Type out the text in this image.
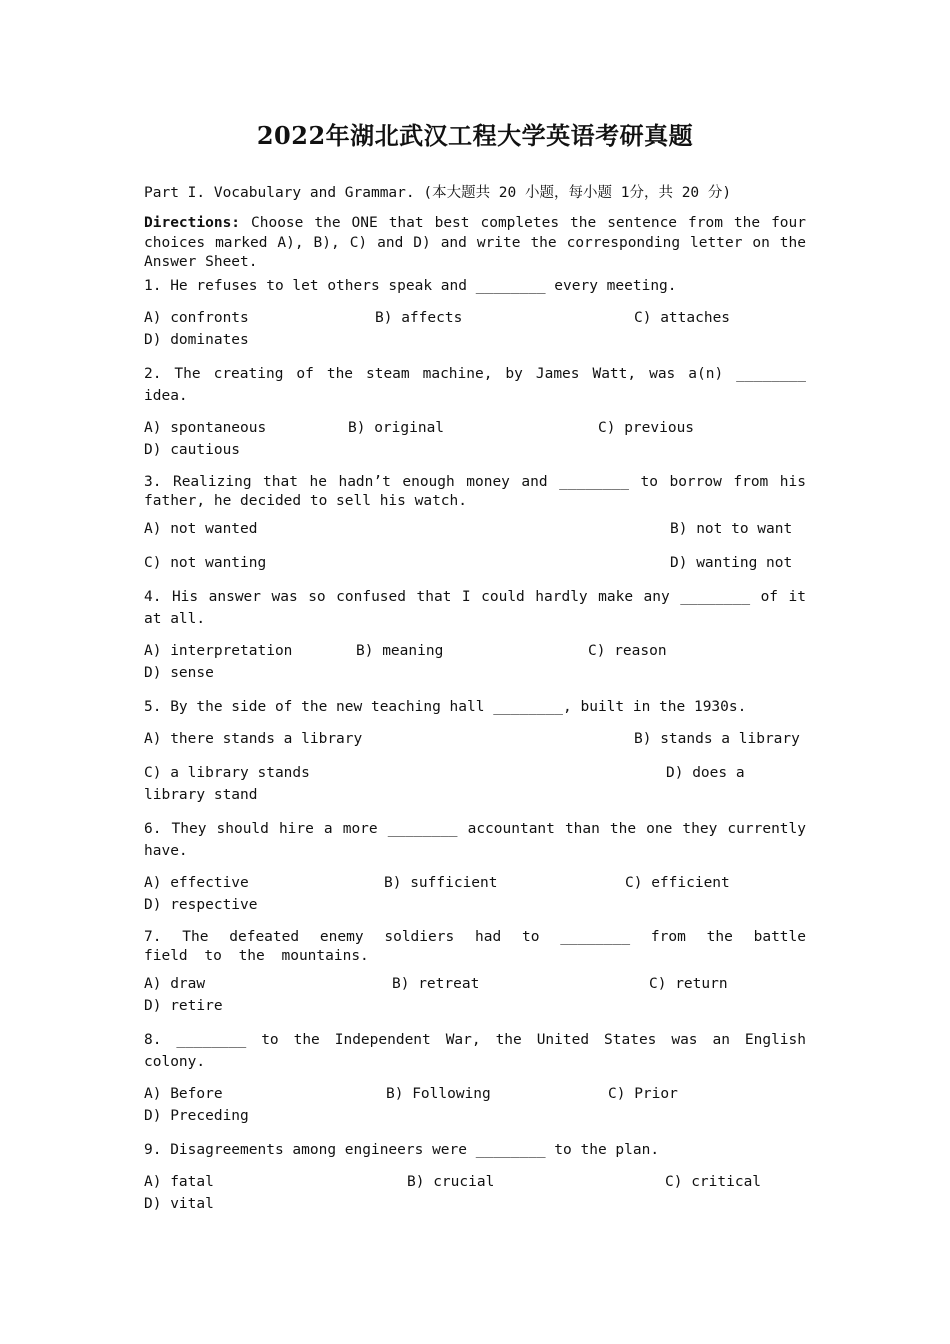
2022年湖北武汉工程大学英语考研真题
Part I. Vocabulary and Grammar. (本大题共 20 小题，每小题 1分，共 20 分)
Directions: Choose the ONE that best completes the sentence from the four choices marked A), B), C) and D) and write the corresponding letter on the Answer Sheet.
1. He refuses to let others speak and ________ every meeting.
A) confronts	B) affects	C) attaches
D) dominates
2. The creating of the steam machine, by James Watt, was a(n) ________ idea.
A) spontaneous	B) original	C) previous
D) cautious
3. Realizing that he hadn’t enough money and ________ to borrow from his father, he decided to sell his watch.
A) not wanted	B) not to want
C) not wanting	D) wanting not
4. His answer was so confused that I could hardly make any ________ of it at all.
A) interpretation	B) meaning	C) reason
D) sense
5. By the side of the new teaching hall ________, built in the 1930s.
A) there stands a library	B) stands a library
C) a library stands	D) does a
library stand
6. They should hire a more ________ accountant than the one they currently have.
A) effective	B) sufficient	C) efficient
D) respective
7. The defeated enemy soldiers had to ________ from the battle field to the mountains.
A) draw	B) retreat	C) return
D) retire
8. ________ to the Independent War, the United States was an English colony.
A) Before	B) Following	C) Prior
D) Preceding
9. Disagreements among engineers were ________ to the plan.
A) fatal	B) crucial	C) critical
D) vital
